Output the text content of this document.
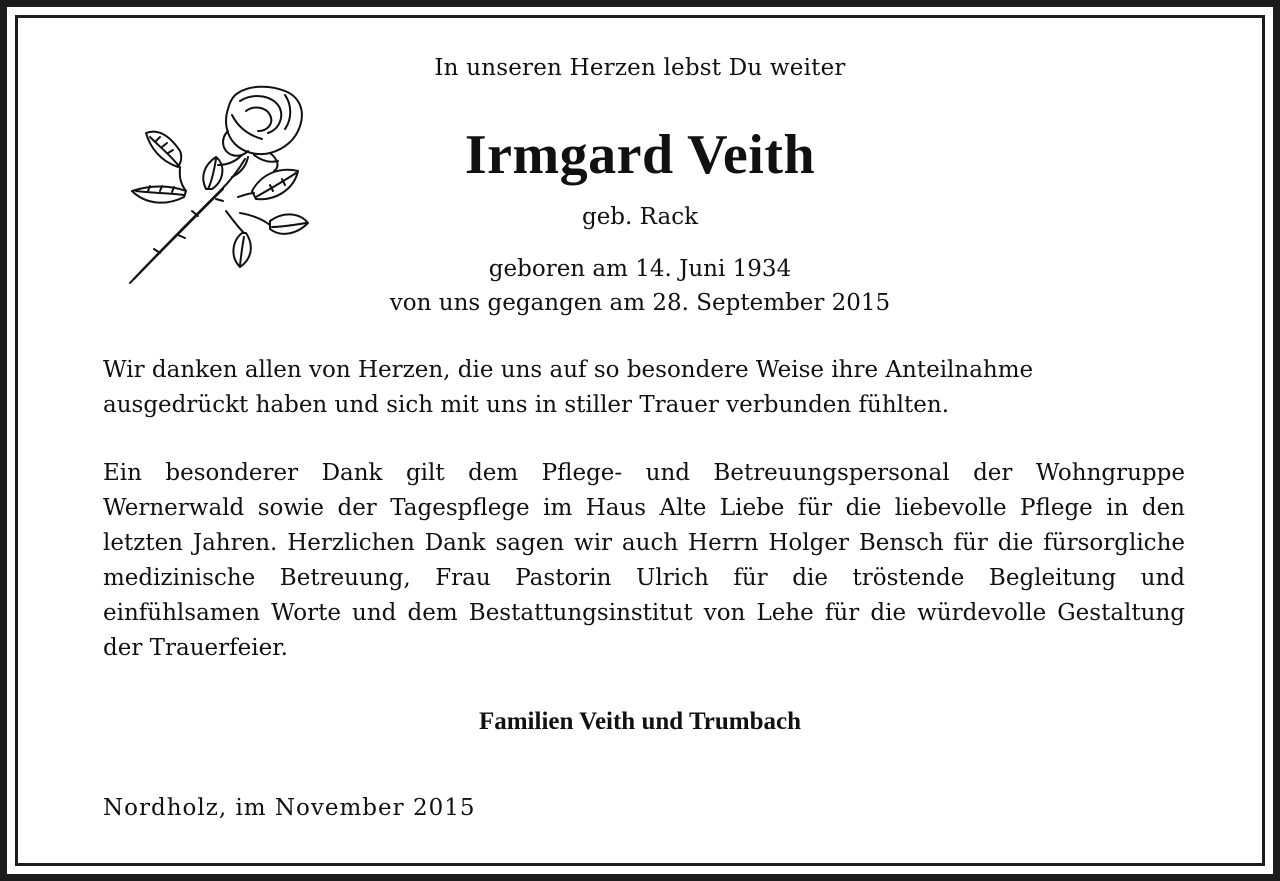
In unseren Herzen lebst Du weiter
Irmgard Veith
geb. Rack
geboren am 14. Juni 1934
von uns gegangen am 28. September 2015
Wir danken allen von Herzen, die uns auf so besondere Weise ihre Anteilnahme ausgedrückt haben und sich mit uns in stiller Trauer verbunden fühlten.
Ein besonderer Dank gilt dem Pflege- und Betreuungspersonal der Wohngruppe Wernerwald sowie der Tagespflege im Haus Alte Liebe für die liebevolle Pflege in den letzten Jahren. Herzlichen Dank sagen wir auch Herrn Holger Bensch für die fürsorgliche medizinische Betreuung, Frau Pastorin Ulrich für die tröstende Begleitung und einfühlsamen Worte und dem Bestattungsinstitut von Lehe für die würdevolle Gestaltung der Trauerfeier.
Familien Veith und Trumbach
Nordholz, im November 2015
